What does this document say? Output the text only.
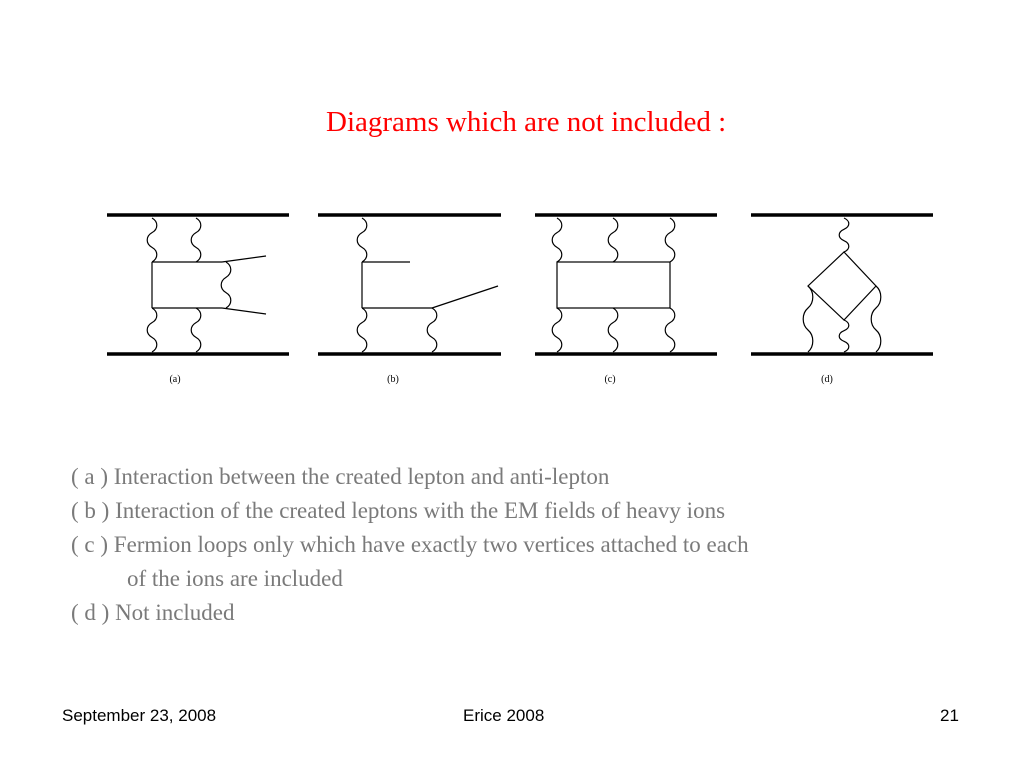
Diagrams which are not included :
(a)	(b)	(c)	(d)
( a ) Interaction between the created lepton and anti-lepton
( b ) Interaction of the created leptons with the EM fields of heavy ions
( c ) Fermion loops only which have exactly two vertices attached to each
of the ions are included
( d ) Not included
September 23, 2008	Erice 2008	21
